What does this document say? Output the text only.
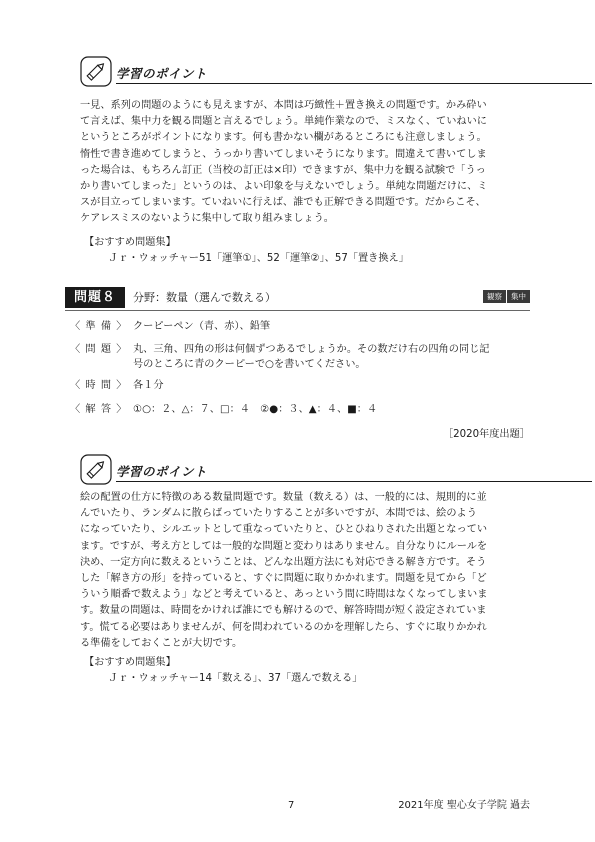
学習のポイント
一見、系列の問題のようにも見えますが、本問は巧緻性＋置き換えの問題です。かみ砕い
て言えば、集中力を観る問題と言えるでしょう。単純作業なので、ミスなく、ていねいに
というところがポイントになります。何も書かない欄があるところにも注意しましょう。
惰性で書き進めてしまうと、うっかり書いてしまいそうになります。間違えて書いてしま
った場合は、もちろん訂正（当校の訂正は×印）できますが、集中力を観る試験で「うっ
かり書いてしまった」というのは、よい印象を与えないでしょう。単純な問題だけに、ミ
スが目立ってしまいます。ていねいに行えば、誰でも正解できる問題です。だからこそ、
ケアレスミスのないように集中して取り組みましょう。
【おすすめ問題集】
Ｊｒ・ウォッチャー51「運筆①」、52「運筆②」、57「置き換え」
問題８	分野：数量（選んで数える）	観察	集中
〈 準 備 〉 クーピーペン（青、赤）、鉛筆
〈 問 題 〉 丸、三角、四角の形は何個ずつあるでしょうか。その数だけ右の四角の同じ記
号のところに青のクーピーで○を書いてください。
〈 時 間 〉 各１分
〈 解 答 〉 ①○：２、△：７、□：４　②●：３、▲：４、■：４
［2020年度出題］
学習のポイント
絵の配置の仕方に特徴のある数量問題です。数量（数える）は、一般的には、規則的に並
んでいたり、ランダムに散らばっていたりすることが多いですが、本問では、絵のよう
になっていたり、シルエットとして重なっていたりと、ひとひねりされた出題となってい
ます。ですが、考え方としては一般的な問題と変わりはありません。自分なりにルールを
決め、一定方向に数えるということは、どんな出題方法にも対応できる解き方です。そう
した「解き方の形」を持っていると、すぐに問題に取りかかれます。問題を見てから「ど
ういう順番で数えよう」などと考えていると、あっという間に時間はなくなってしまいま
す。数量の問題は、時間をかければ誰にでも解けるので、解答時間が短く設定されていま
す。慌てる必要はありませんが、何を問われているのかを理解したら、すぐに取りかかれ
る準備をしておくことが大切です。
【おすすめ問題集】
Ｊｒ・ウォッチャー14「数える」、37「選んで数える」
7	2021年度 聖心女子学院 過去
